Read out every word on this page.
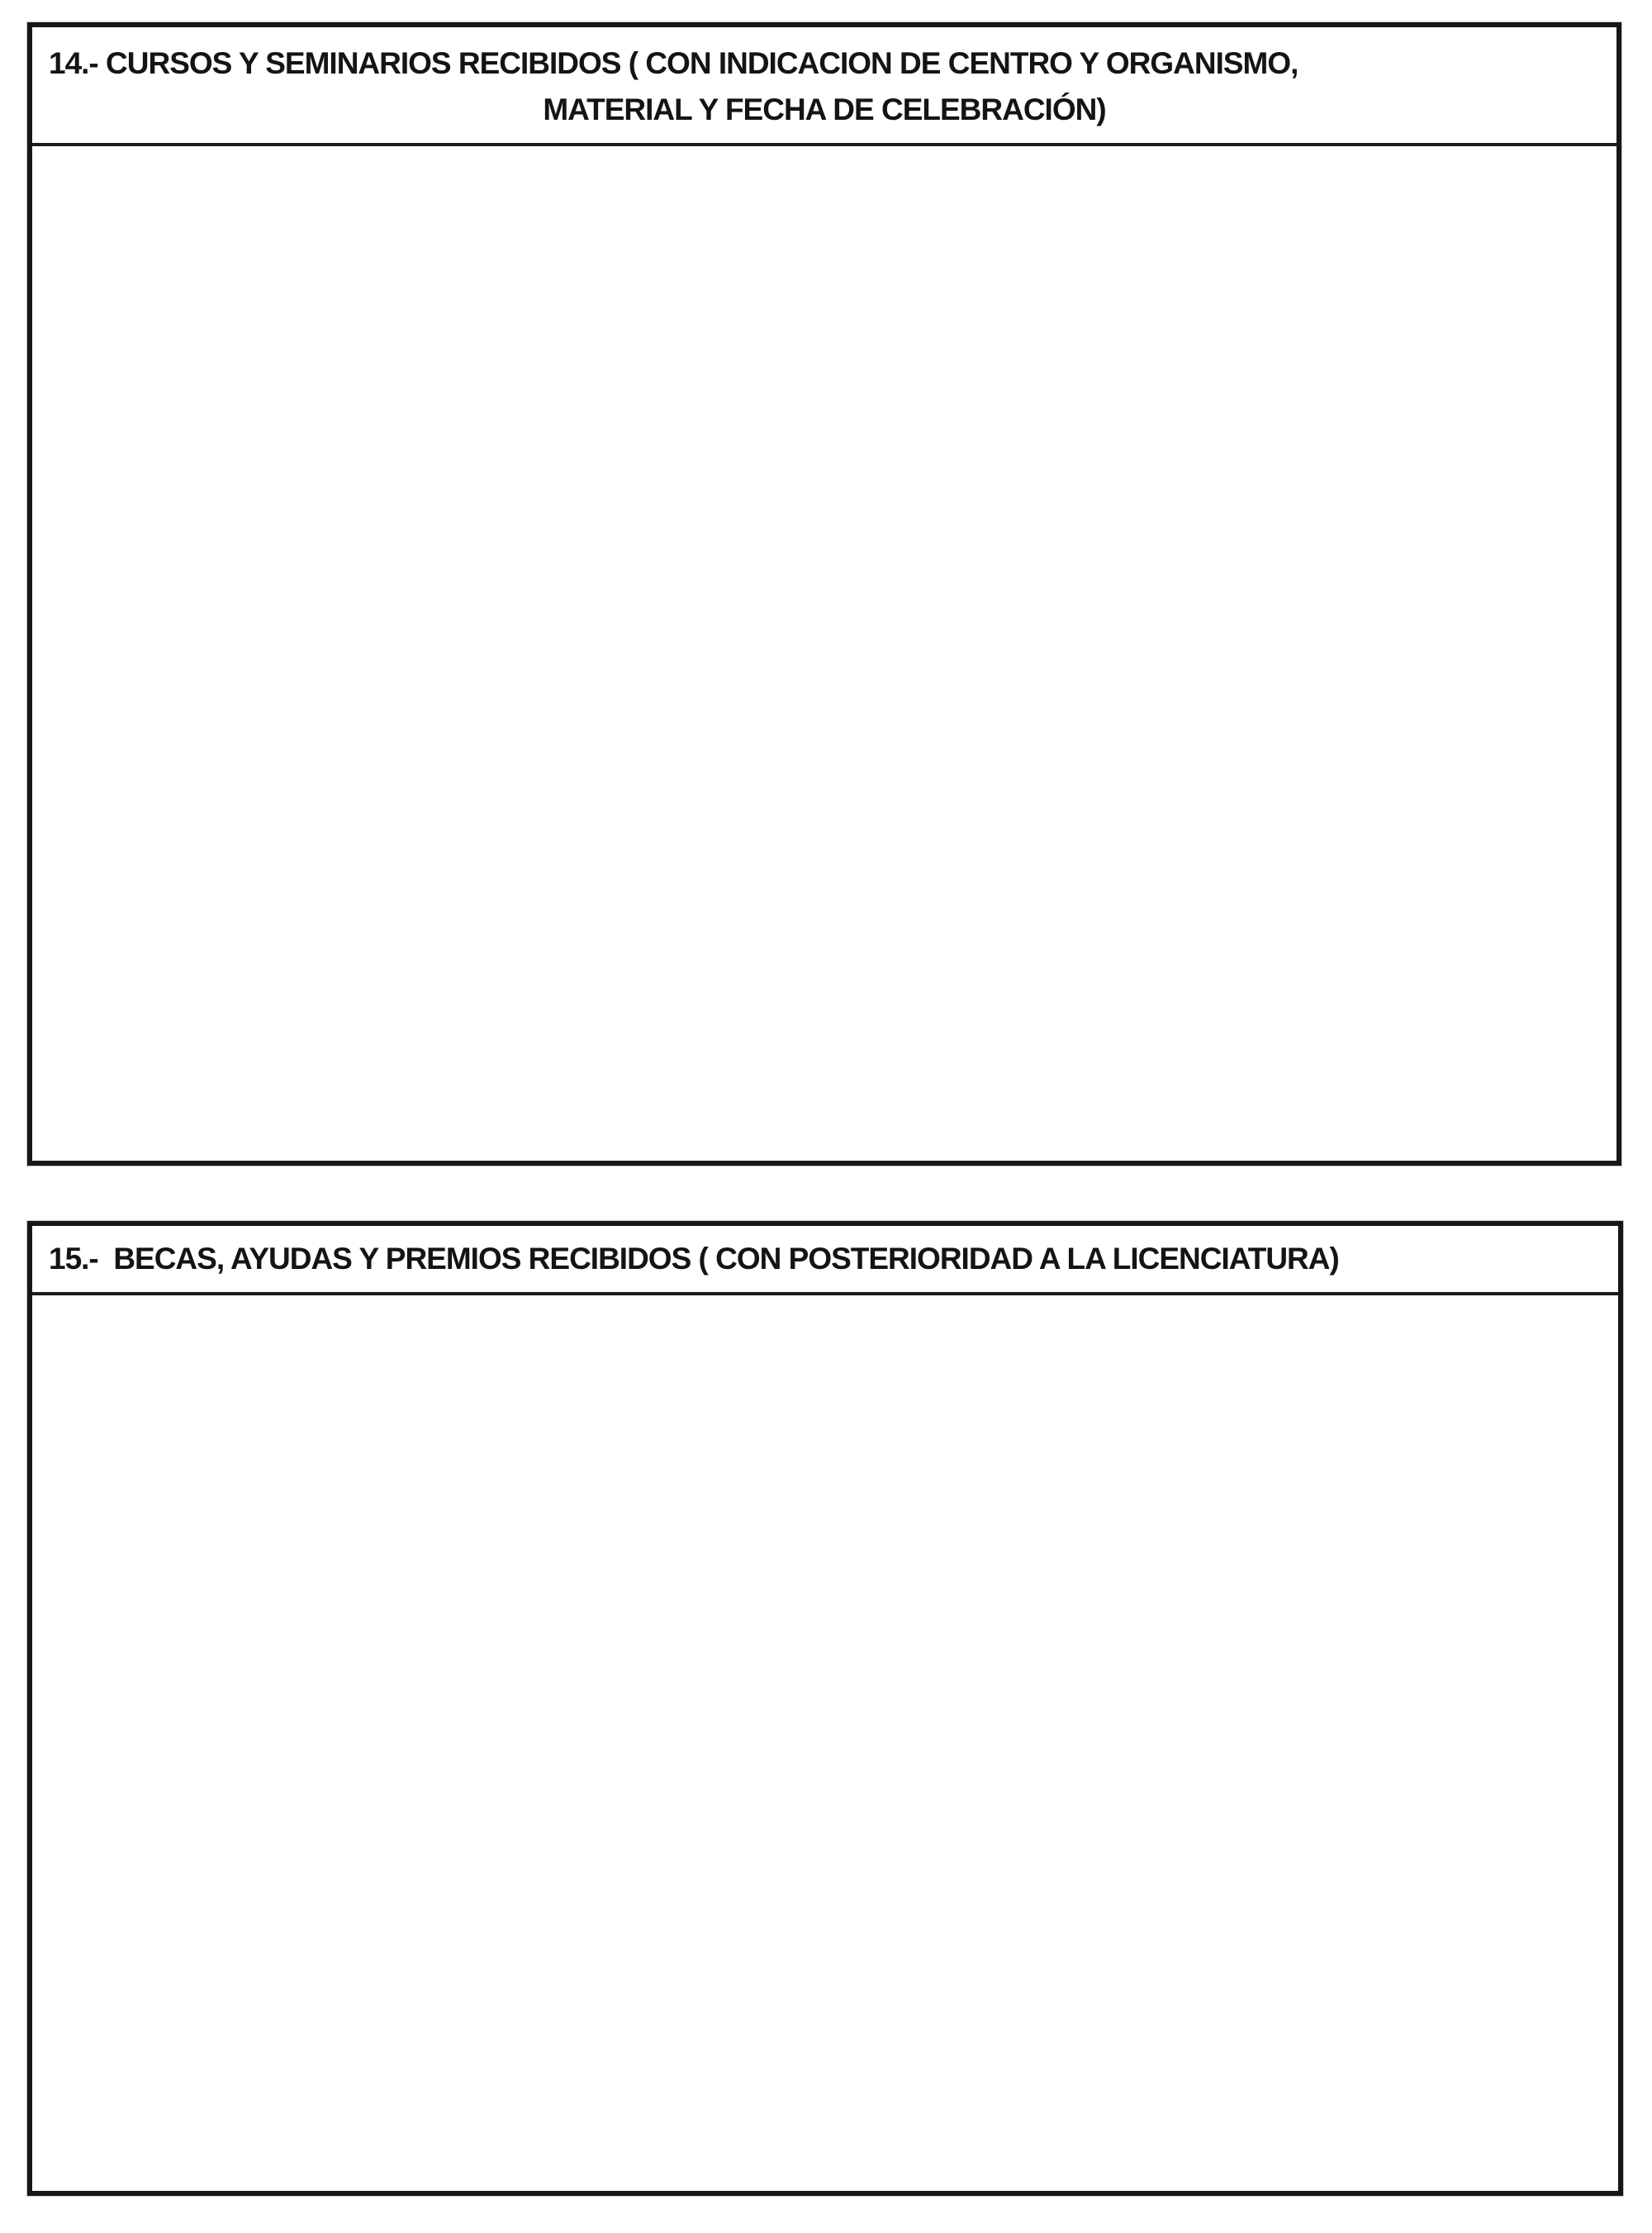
14.- CURSOS Y SEMINARIOS RECIBIDOS ( CON INDICACION DE CENTRO Y ORGANISMO,
MATERIAL Y FECHA DE CELEBRACIÓN)
15.-  BECAS, AYUDAS Y PREMIOS RECIBIDOS ( CON POSTERIORIDAD A LA LICENCIATURA)
